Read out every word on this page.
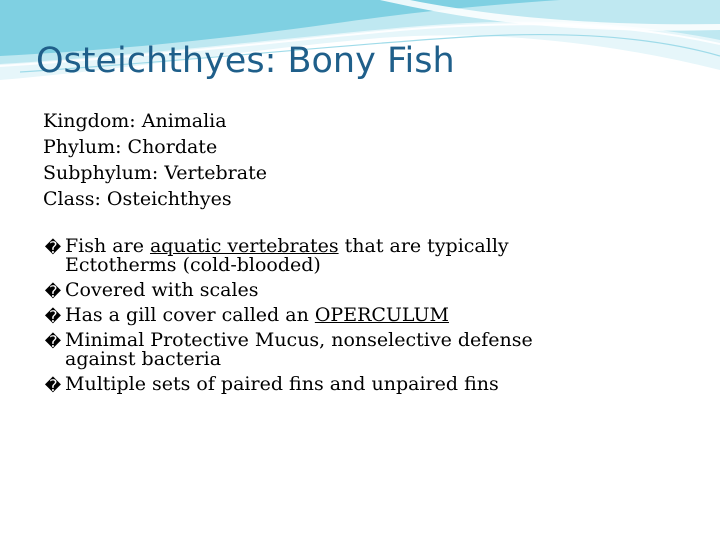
Osteichthyes: Bony Fish
Kingdom: Animalia
Phylum: Chordate
Subphylum: Vertebrate
Class: Osteichthyes
� Fish are aquatic vertebrates that are typically Ectotherms (cold-blooded)
� Covered with scales
� Has a gill cover called an OPERCULUM
� Minimal Protective Mucus, nonselective defense against bacteria
� Multiple sets of paired fins and unpaired fins
